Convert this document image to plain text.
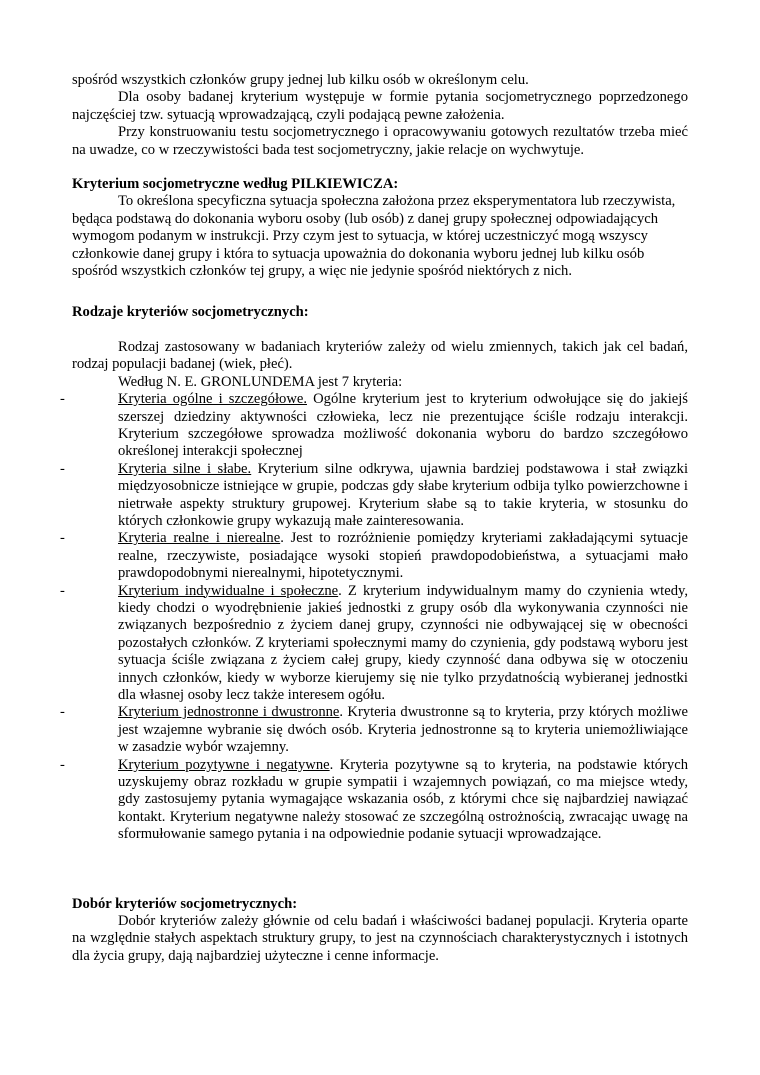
spośród wszystkich członków grupy jednej lub kilku osób w określonym celu.

Dla osoby badanej kryterium występuje w formie pytania socjometrycznego poprzedzonego najczęściej tzw. sytuacją wprowadzającą, czyli podającą pewne założenia.

Przy konstruowaniu testu socjometrycznego i opracowywaniu gotowych rezultatów trzeba mieć na uwadze, co w rzeczywistości bada test socjometryczny, jakie relacje on wychwytuje.

Kryterium socjometryczne według PILKIEWICZA:

To określona specyficzna sytuacja społeczna założona przez eksperymentatora lub rzeczywista, będąca podstawą do dokonania wyboru osoby (lub osób) z danej grupy społecznej odpowiadających wymogom podanym w instrukcji. Przy czym jest to sytuacja, w której uczestniczyć mogą wszyscy członkowie danej grupy i która to sytuacja upoważnia do dokonania wyboru jednej lub kilku osób spośród wszystkich członków tej grupy, a więc nie jedynie spośród niektórych z nich.

Rodzaje kryteriów socjometrycznych:

Rodzaj zastosowany w badaniach kryteriów zależy od wielu zmiennych, takich jak cel badań, rodzaj populacji badanej (wiek, płeć).

Według N. E. GRONLUNDEMA jest 7 kryteria:

-	Kryteria ogólne i szczegółowe. Ogólne kryterium jest to kryterium odwołujące się do jakiejś szerszej dziedziny aktywności człowieka, lecz nie prezentujące ściśle rodzaju interakcji. Kryterium szczegółowe sprowadza możliwość dokonania wyboru do bardzo szczegółowo określonej interakcji społecznej
-	Kryteria silne i słabe. Kryterium silne odkrywa, ujawnia bardziej podstawowa i stał związki międzyosobnicze istniejące w grupie, podczas gdy słabe kryterium odbija tylko powierzchowne i nietrwałe aspekty struktury grupowej. Kryterium słabe są to takie kryteria, w stosunku do których członkowie grupy wykazują małe zainteresowania.
-	Kryteria realne i nierealne. Jest to rozróżnienie pomiędzy kryteriami zakładającymi sytuacje realne, rzeczywiste, posiadające wysoki stopień prawdopodobieństwa, a sytuacjami mało prawdopodobnymi nierealnymi, hipotetycznymi.
-	Kryterium indywidualne i społeczne. Z kryterium indywidualnym mamy do czynienia wtedy, kiedy chodzi o wyodrębnienie jakieś jednostki z grupy osób dla wykonywania czynności nie związanych bezpośrednio z życiem danej grupy, czynności nie odbywającej się w obecności pozostałych członków. Z kryteriami społecznymi mamy do czynienia, gdy podstawą wyboru jest sytuacja ściśle związana z życiem całej grupy, kiedy czynność dana odbywa się w otoczeniu innych członków, kiedy w wyborze kierujemy się nie tylko przydatnością wybieranej jednostki dla własnej osoby lecz także interesem ogółu.
-	Kryterium jednostronne i dwustronne. Kryteria dwustronne są to kryteria, przy których możliwe jest wzajemne wybranie się dwóch osób. Kryteria jednostronne są to kryteria uniemożliwiające w zasadzie wybór wzajemny.
-	Kryterium pozytywne i negatywne. Kryteria pozytywne są to kryteria, na podstawie których uzyskujemy obraz rozkładu w grupie sympatii i wzajemnych powiązań, co ma miejsce wtedy, gdy zastosujemy pytania wymagające wskazania osób, z którymi chce się najbardziej nawiązać kontakt. Kryterium negatywne należy stosować ze szczególną ostrożnością, zwracając uwagę na sformułowanie samego pytania i na odpowiednie podanie sytuacji wprowadzające.

Dobór kryteriów socjometrycznych:

Dobór kryteriów zależy głównie od celu badań i właściwości badanej populacji. Kryteria oparte na względnie stałych aspektach struktury grupy, to jest na czynnościach charakterystycznych i istotnych dla życia grupy, dają najbardziej użyteczne i cenne informacje.
